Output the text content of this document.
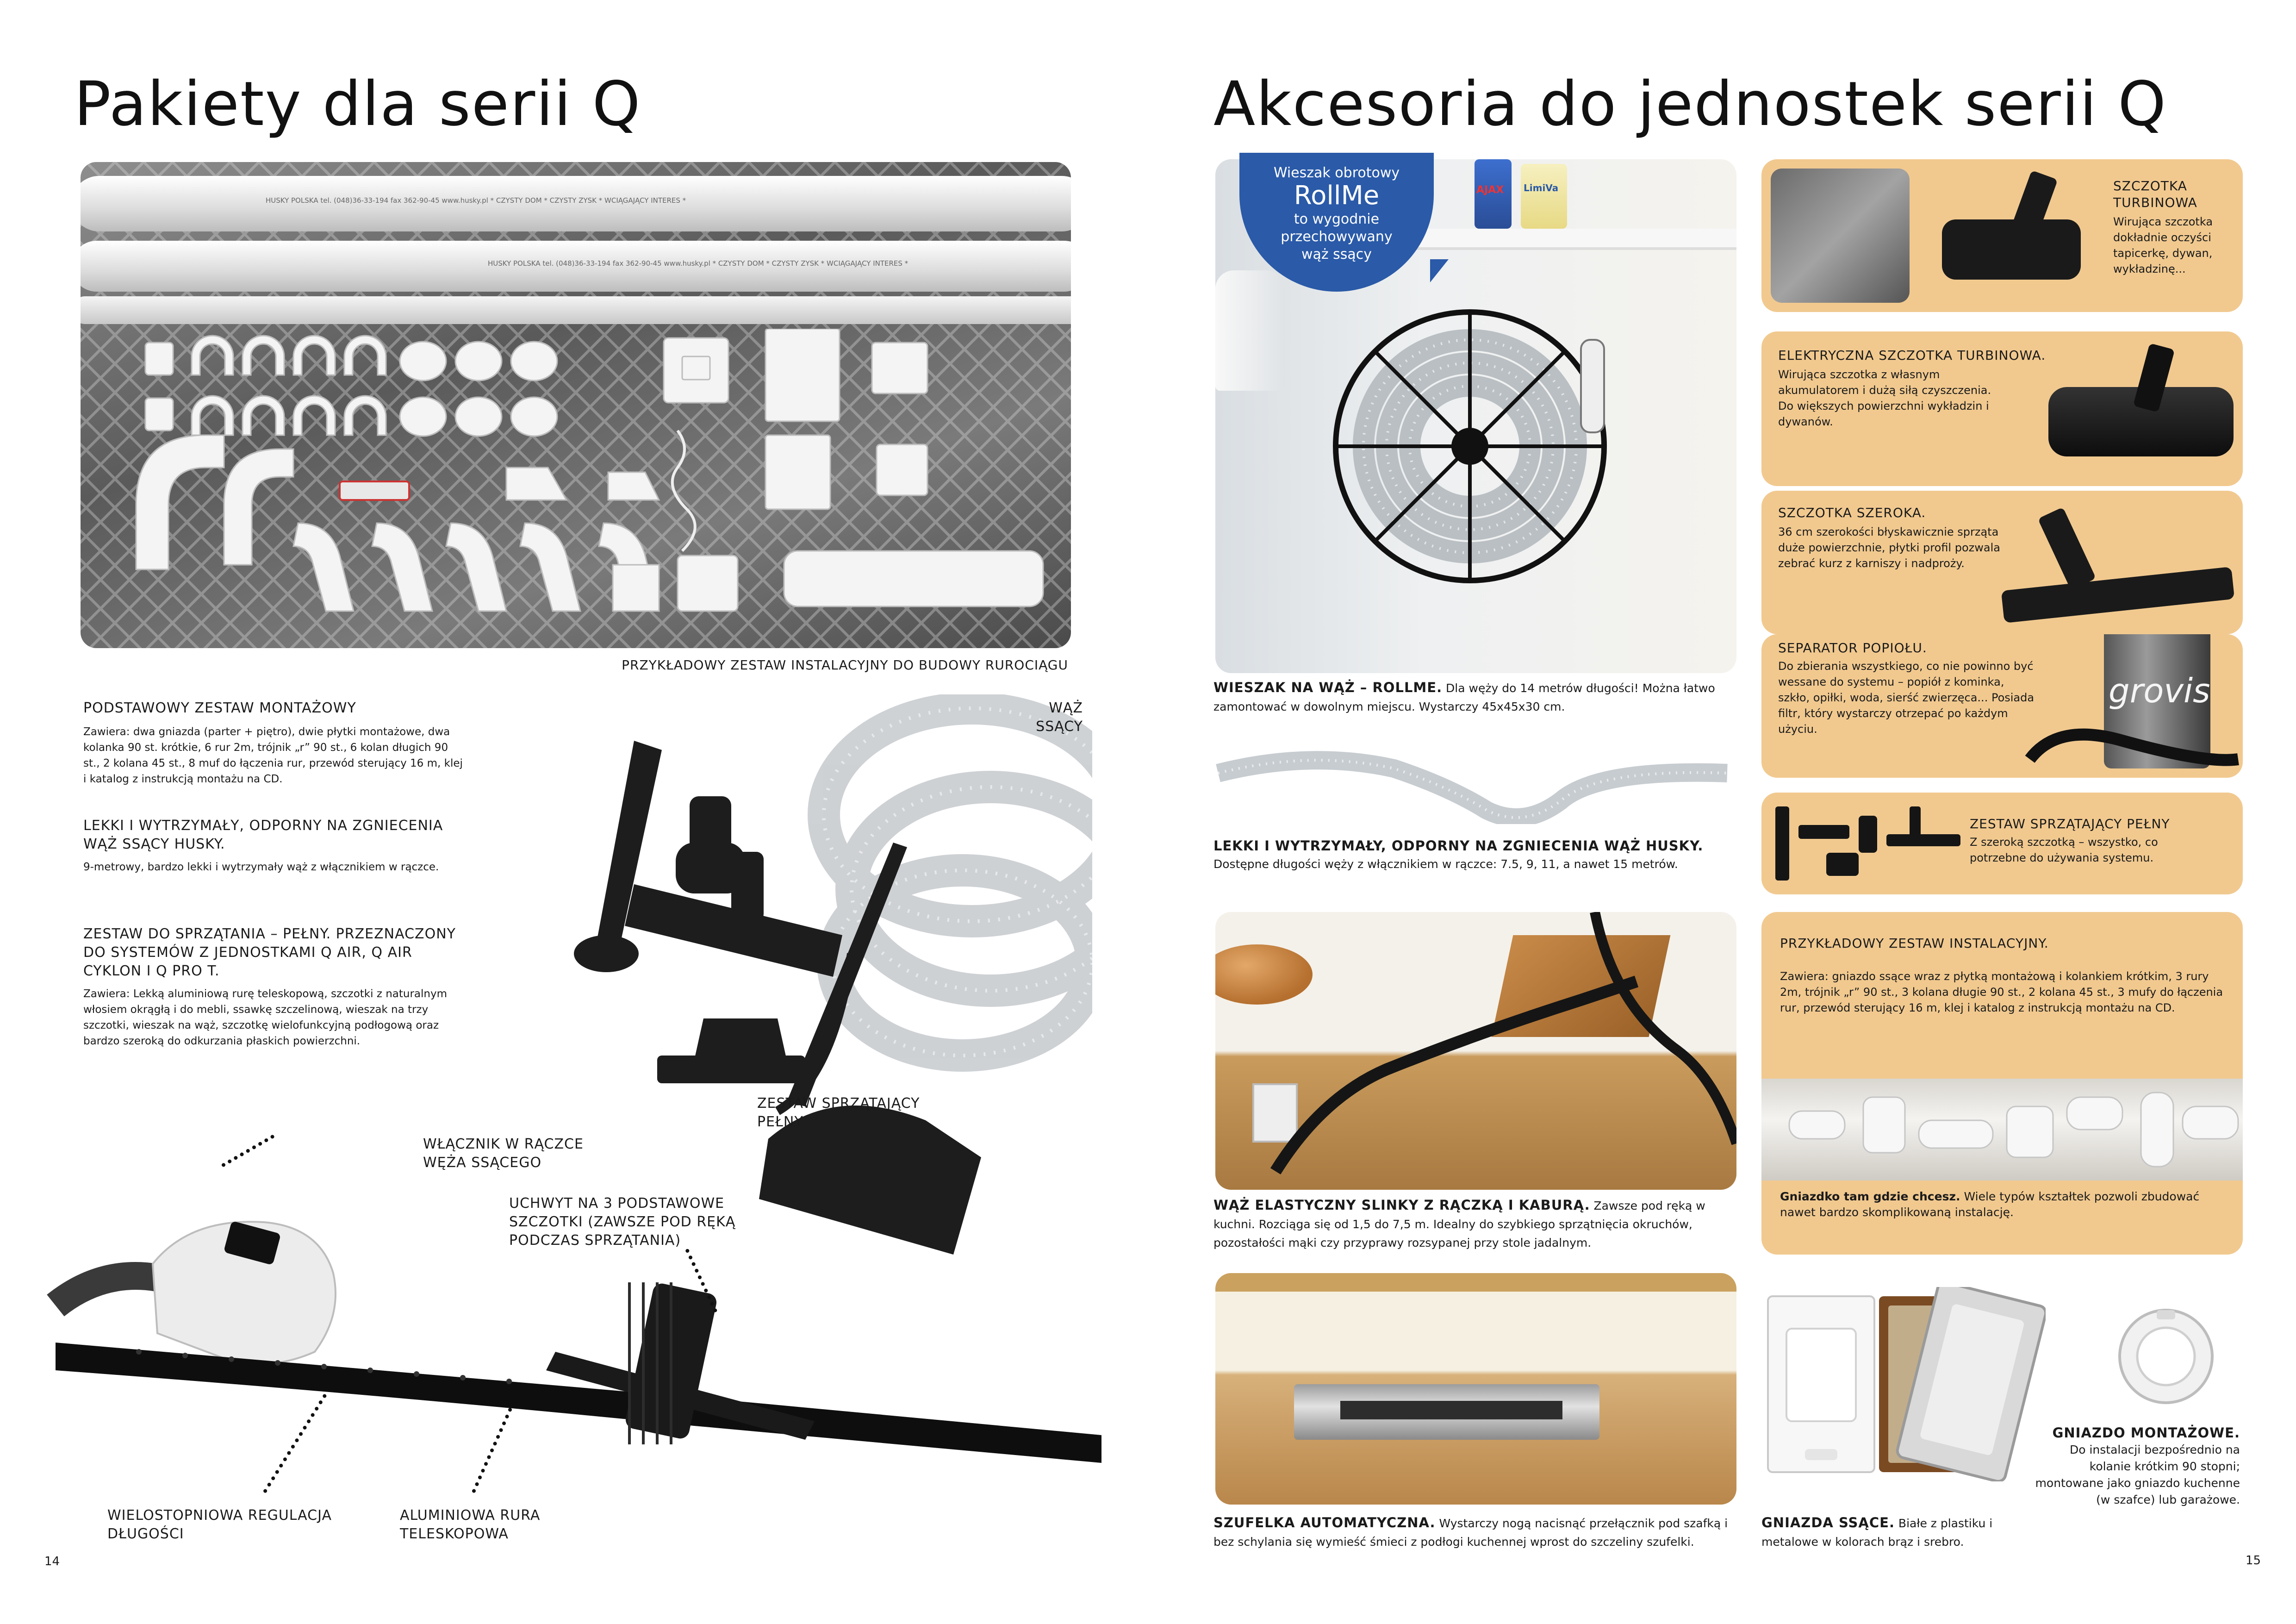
Pakiety dla serii Q
HUSKY POLSKA tel. (048)36-33-194 fax 362-90-45 www.husky.pl * CZYSTY DOM * CZYSTY ZYSK * WCIĄGAJĄCY INTERES *
HUSKY POLSKA tel. (048)36-33-194 fax 362-90-45 www.husky.pl * CZYSTY DOM * CZYSTY ZYSK * WCIĄGAJĄCY INTERES *
PRZYKŁADOWY ZESTAW INSTALACYJNY DO BUDOWY RUROCIĄGU
PODSTAWOWY ZESTAW MONTAŻOWY
Zawiera: dwa gniazda (parter + piętro), dwie płytki montażowe, dwa kolanka 90 st. krótkie, 6 rur 2m, trójnik „r” 90 st., 6 kolan długich 90 st., 2 kolana 45 st., 8 muf do łączenia rur, przewód sterujący 16 m, klej i katalog z instrukcją montażu na CD.
LEKKI I WYTRZYMAŁY, ODPORNY NA ZGNIECENIA WĄŻ SSĄCY HUSKY.
9-metrowy, bardzo lekki i wytrzymały wąż z włącznikiem w rączce.
ZESTAW DO SPRZĄTANIA – PEŁNY. PRZEZNACZONY DO SYSTEMÓW Z JEDNOSTKAMI Q AIR, Q AIR CYKLON I Q PRO T.
Zawiera: Lekką aluminiową rurę teleskopową, szczotki z naturalnym włosiem okrągłą i do mebli, ssawkę szczelinową, wieszak na trzy szczotki, wieszak na wąż, szczotkę wielofunkcyjną podłogową oraz bardzo szeroką do odkurzania płaskich powierzchni.
WĄŻ SSĄCY
ZESTAW SPRZĄTAJĄCY PEŁNY
WŁĄCZNIK W RĄCZCE WĘŻA SSĄCEGO
UCHWYT NA 3 PODSTAWOWE SZCZOTKI (ZAWSZE POD RĘKĄ PODCZAS SPRZĄTANIA)
WIELOSTOPNIOWA REGULACJA DŁUGOŚCI
ALUMINIOWA RURA TELESKOPOWA
14
Akcesoria do jednostek serii Q
AJAX LimiVa
Wieszak obrotowy
RollMe
to wygodnie przechowywany wąż ssący
WIESZAK NA WĄŻ – ROLLME. Dla węży do 14 metrów długości! Można łatwo zamontować w dowolnym miejscu. Wystarczy 45x45x30 cm.
LEKKI I WYTRZYMAŁY, ODPORNY NA ZGNIECENIA WĄŻ HUSKY.
Dostępne długości węży z włącznikiem w rączce: 7.5, 9, 11, a nawet 15 metrów.
WĄŻ ELASTYCZNY SLINKY Z RĄCZKĄ I KABURĄ. Zawsze pod ręką w kuchni. Rozciąga się od 1,5 do 7,5 m. Idealny do szybkiego sprzątnięcia okruchów, pozostałości mąki czy przyprawy rozsypanej przy stole jadalnym.
SZUFELKA AUTOMATYCZNA. Wystarczy nogą nacisnąć przełącznik pod szafką i bez schylania się wymieść śmieci z podłogi kuchennej wprost do szczeliny szufelki.
SZCZOTKA TURBINOWA
Wirująca szczotka dokładnie oczyści tapicerkę, dywan, wykładzinę...
ELEKTRYCZNA SZCZOTKA TURBINOWA.
Wirująca szczotka z własnym akumulatorem i dużą siłą czyszczenia. Do większych powierzchni wykładzin i dywanów.
SZCZOTKA SZEROKA.
36 cm szerokości błyskawicznie sprząta duże powierzchnie, płytki profil pozwala zebrać kurz z karniszy i nadproży.
SEPARATOR POPIOŁU.
Do zbierania wszystkiego, co nie powinno być wessane do systemu – popiół z kominka, szkło, opiłki, woda, sierść zwierzęca... Posiada filtr, który wystarczy otrzepać po każdym użyciu.
grovis
ZESTAW SPRZĄTAJĄCY PEŁNY
Z szeroką szczotką – wszystko, co potrzebne do używania systemu.
PRZYKŁADOWY ZESTAW INSTALACYJNY.
Zawiera: gniazdo ssące wraz z płytką montażową i kolankiem krótkim, 3 rury 2m, trójnik „r” 90 st., 3 kolana długie 90 st., 2 kolana 45 st., 3 mufy do łączenia rur, przewód sterujący 16 m, klej i katalog z instrukcją montażu na CD.
Gniazdko tam gdzie chcesz. Wiele typów kształtek pozwoli zbudować nawet bardzo skomplikowaną instalację.
GNIAZDA SSĄCE. Białe z plastiku i metalowe w kolorach brąz i srebro.
GNIAZDO MONTAŻOWE.
Do instalacji bezpośrednio na kolanie krótkim 90 stopni; montowane jako gniazdo kuchenne (w szafce) lub garażowe.
15
